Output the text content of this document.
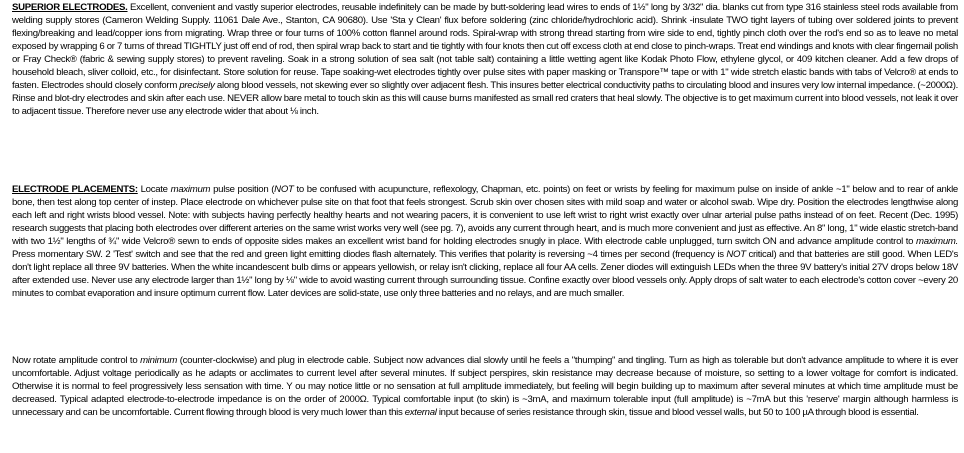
SUPERIOR ELECTRODES. Excellent, convenient and vastly superior electrodes, reusable indefinitely can be made by butt-soldering lead wires to ends of 1½" long by 3/32" dia. blanks cut from type 316 stainless steel rods available from welding supply stores (Cameron Welding Supply. 11061 Dale Ave., Stanton, CA 90680). Use 'Sta y Clean' flux before soldering (zinc chloride/hydrochloric acid). Shrink -insulate TWO tight layers of tubing over soldered joints to prevent flexing/breaking and lead/copper ions from migrating. Wrap three or four turns of 100% cotton flannel around rods. Spiral-wrap with strong thread starting from wire side to end, tightly pinch cloth over the rod's end so as to leave no metal exposed by wrapping 6 or 7 turns of thread TIGHTLY just off end of rod, then spiral wrap back to start and tie tightly with four knots then cut off excess cloth at end close to pinch-wraps. Treat end windings and knots with clear fingernail polish or Fray Check® (fabric & sewing supply stores) to prevent raveling. Soak in a strong solution of sea salt (not table salt) containing a little wetting agent like Kodak Photo Flow, ethylene glycol, or 409 kitchen cleaner. Add a few drops of household bleach, sliver colloid, etc., for disinfectant. Store solution for reuse. Tape soaking-wet electrodes tightly over pulse sites with paper masking or Transpore™ tape or with 1" wide stretch elastic bands with tabs of Velcro® at ends to fasten. Electrodes should closely conform precisely along blood vessels, not skewing ever so slightly over adjacent flesh. This insures better electrical conductivity paths to circulating blood and insures very low internal impedance. (~2000Ω). Rinse and blot-dry electrodes and skin after each use. NEVER allow bare metal to touch skin as this will cause burns manifested as small red craters that heal slowly. The objective is to get maximum current into blood vessels, not leak it over to adjacent tissue. Therefore never use any electrode wider that about ⅛ inch.

ELECTRODE PLACEMENTS: Locate maximum pulse position (NOT to be confused with acupuncture, reflexology, Chapman, etc. points) on feet or wrists by feeling for maximum pulse on inside of ankle ~1" below and to rear of ankle bone, then test along top center of instep. Place electrode on whichever pulse site on that foot that feels strongest. Scrub skin over chosen sites with mild soap and water or alcohol swab. Wipe dry. Position the electrodes lengthwise along each left and right wrists blood vessel. Note: with subjects having perfectly healthy hearts and not wearing pacers, it is convenient to use left wrist to right wrist exactly over ulnar arterial pulse paths instead of on feet. Recent (Dec. 1995) research suggests that placing both electrodes over different arteries on the same wrist works very well (see pg. 7), avoids any current through heart, and is much more convenient and just as effective. An 8" long, 1" wide elastic stretch-band with two 1½" lengths of ¾" wide Velcro® sewn to ends of opposite sides makes an excellent wrist band for holding electrodes snugly in place. With electrode cable unplugged, turn switch ON and advance amplitude control to maximum. Press momentary SW. 2 'Test' switch and see that the red and green light emitting diodes flash alternately. This verifies that polarity is reversing ~4 times per second (frequency is NOT critical) and that batteries are still good. When LED's don't light replace all three 9V batteries. When the white incandescent bulb dims or appears yellowish, or relay isn't clicking, replace all four AA cells. Zener diodes will extinguish LEDs when the three 9V battery's initial 27V drops below 18V after extended use. Never use any electrode larger than 1½" long by ⅛" wide to avoid wasting current through surrounding tissue. Confine exactly over blood vessels only. Apply drops of salt water to each electrode's cotton cover ~every 20 minutes to combat evaporation and insure optimum current flow. Later devices are solid-state, use only three batteries and no relays, and are much smaller.

Now rotate amplitude control to minimum (counter-clockwise) and plug in electrode cable. Subject now advances dial slowly until he feels a "thumping" and tingling. Turn as high as tolerable but don't advance amplitude to where it is ever uncomfortable. Adjust voltage periodically as he adapts or acclimates to current level after several minutes. If subject perspires, skin resistance may decrease because of moisture, so setting to a lower voltage for comfort is indicated. Otherwise it is normal to feel progressively less sensation with time. Y ou may notice little or no sensation at full amplitude immediately, but feeling will begin building up to maximum after several minutes at which time amplitude must be decreased. Typical adapted electrode-to-electrode impedance is on the order of 2000Ω. Typical comfortable input (to skin) is ~3mA, and maximum tolerable input (full amplitude) is ~7mA but this 'reserve' margin although harmless is unnecessary and can be uncomfortable. Current flowing through blood is very much lower than this external input because of series resistance through skin, tissue and blood vessel walls, but 50 to 100 µA through blood is essential.
